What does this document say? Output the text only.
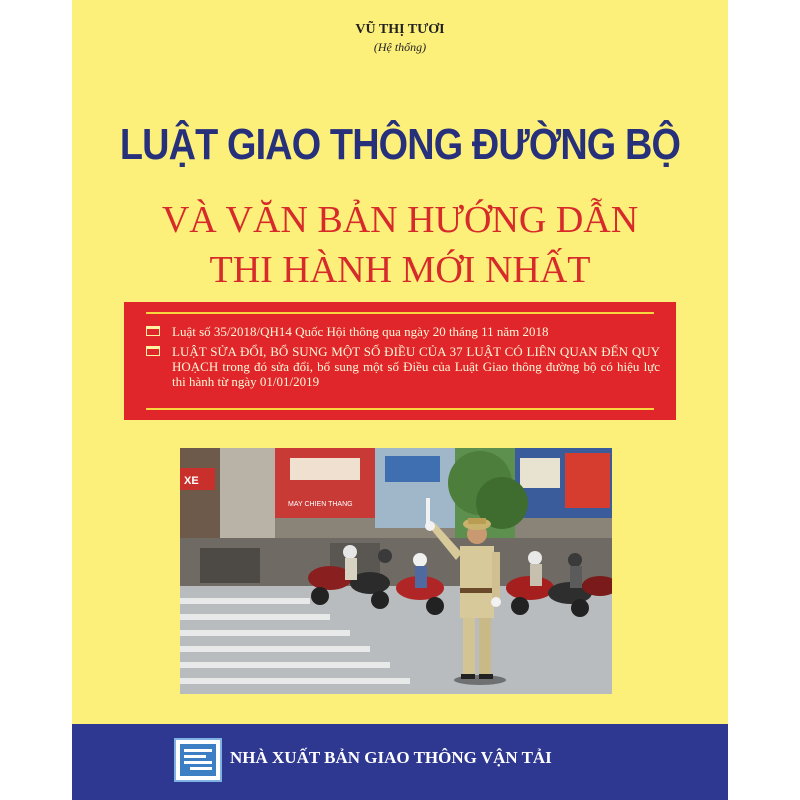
VŨ THỊ TƯƠI
(Hệ thống)
LUẬT GIAO THÔNG ĐƯỜNG BỘ
VÀ VĂN BẢN HƯỚNG DẪN
THI HÀNH MỚI NHẤT
Luật số 35/2018/QH14 Quốc Hội thông qua ngày 20 tháng 11 năm 2018
LUẬT SỬA ĐỔI, BỔ SUNG MỘT SỐ ĐIỀU CỦA 37 LUẬT CÓ LIÊN QUAN ĐẾN QUY HOẠCH trong đó sửa đổi, bổ sung một số Điều của Luật Giao thông đường bộ có hiệu lực thi hành từ ngày 01/01/2019
XE
MAY CHIEN THANG
NHÀ XUẤT BẢN GIAO THÔNG VẬN TẢI
